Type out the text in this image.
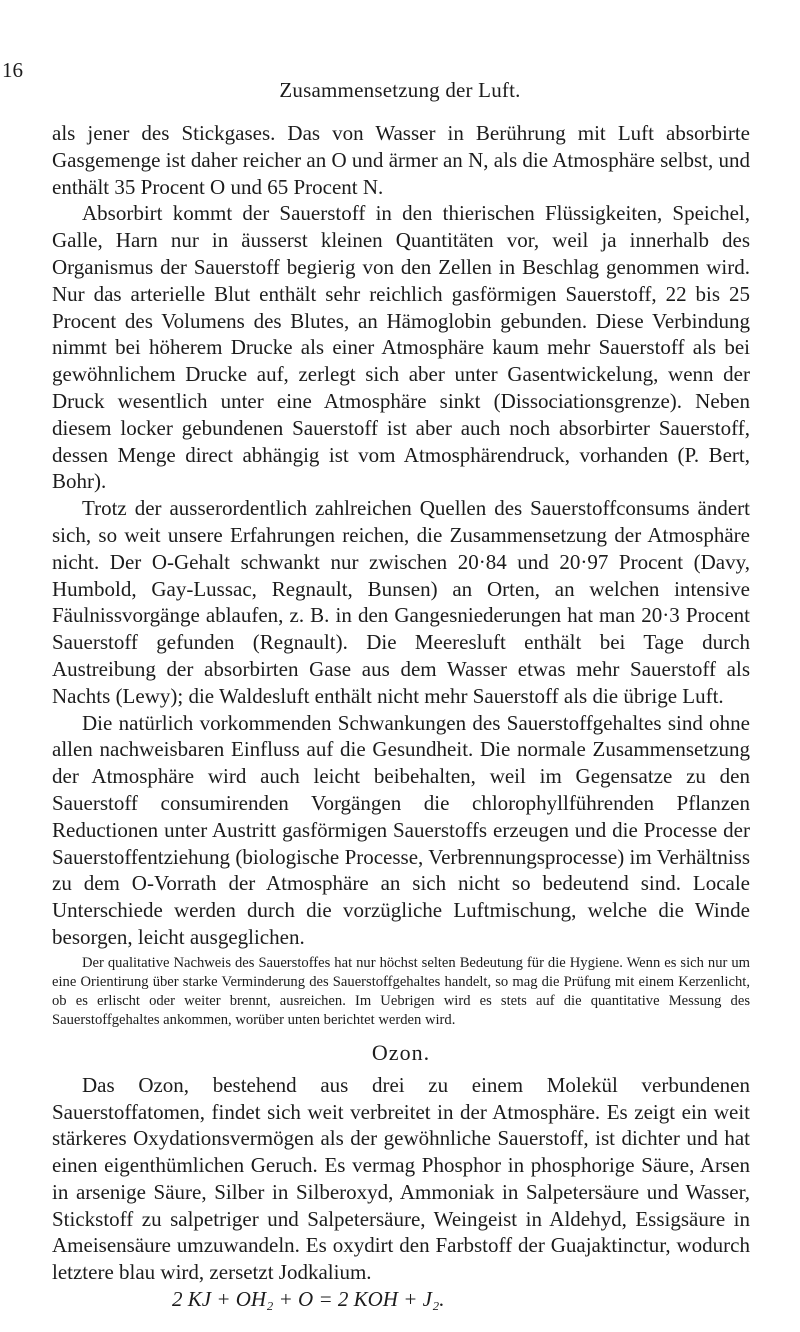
16
Zusammensetzung der Luft.

als jener des Stickgases. Das von Wasser in Berührung mit Luft absorbirte Gasgemenge ist daher reicher an O und ärmer an N, als die Atmosphäre selbst, und enthält 35 Procent O und 65 Procent N.

Absorbirt kommt der Sauerstoff in den thierischen Flüssigkeiten, Speichel, Galle, Harn nur in äusserst kleinen Quantitäten vor, weil ja innerhalb des Organismus der Sauerstoff begierig von den Zellen in Beschlag genommen wird. Nur das arterielle Blut enthält sehr reichlich gasförmigen Sauerstoff, 22 bis 25 Procent des Volumens des Blutes, an Hämoglobin gebunden. Diese Verbindung nimmt bei höherem Drucke als einer Atmosphäre kaum mehr Sauerstoff als bei gewöhnlichem Drucke auf, zerlegt sich aber unter Gasentwickelung, wenn der Druck wesentlich unter eine Atmosphäre sinkt (Dissociationsgrenze). Neben diesem locker gebundenen Sauerstoff ist aber auch noch absorbirter Sauerstoff, dessen Menge direct abhängig ist vom Atmosphärendruck, vorhanden (P. Bert, Bohr).

Trotz der ausserordentlich zahlreichen Quellen des Sauerstoffconsums ändert sich, so weit unsere Erfahrungen reichen, die Zusammensetzung der Atmosphäre nicht. Der O-Gehalt schwankt nur zwischen 20·84 und 20·97 Procent (Davy, Humbold, Gay-Lussac, Regnault, Bunsen) an Orten, an welchen intensive Fäulnissvorgänge ablaufen, z. B. in den Gangesniederungen hat man 20·3 Procent Sauerstoff gefunden (Regnault). Die Meeresluft enthält bei Tage durch Austreibung der absorbirten Gase aus dem Wasser etwas mehr Sauerstoff als Nachts (Lewy); die Waldesluft enthält nicht mehr Sauerstoff als die übrige Luft.

Die natürlich vorkommenden Schwankungen des Sauerstoffgehaltes sind ohne allen nachweisbaren Einfluss auf die Gesundheit. Die normale Zusammensetzung der Atmosphäre wird auch leicht beibehalten, weil im Gegensatze zu den Sauerstoff consumirenden Vorgängen die chlorophyllführenden Pflanzen Reductionen unter Austritt gasförmigen Sauerstoffs erzeugen und die Processe der Sauerstoffentziehung (biologische Processe, Verbrennungsprocesse) im Verhältniss zu dem O-Vorrath der Atmosphäre an sich nicht so bedeutend sind. Locale Unterschiede werden durch die vorzügliche Luftmischung, welche die Winde besorgen, leicht ausgeglichen.

Der qualitative Nachweis des Sauerstoffes hat nur höchst selten Bedeutung für die Hygiene. Wenn es sich nur um eine Orientirung über starke Verminderung des Sauerstoffgehaltes handelt, so mag die Prüfung mit einem Kerzenlicht, ob es erlischt oder weiter brennt, ausreichen. Im Uebrigen wird es stets auf die quantitative Messung des Sauerstoffgehaltes ankommen, worüber unten berichtet werden wird.
Ozon.

Das Ozon, bestehend aus drei zu einem Molekül verbundenen Sauerstoffatomen, findet sich weit verbreitet in der Atmosphäre. Es zeigt ein weit stärkeres Oxydationsvermögen als der gewöhnliche Sauerstoff, ist dichter und hat einen eigenthümlichen Geruch. Es vermag Phosphor in phosphorige Säure, Arsen in arsenige Säure, Silber in Silberoxyd, Ammoniak in Salpetersäure und Wasser, Stickstoff zu salpetriger und Salpetersäure, Weingeist in Aldehyd, Essigsäure in Ameisensäure umzuwandeln. Es oxydirt den Farbstoff der Guajaktinctur, wodurch letztere blau wird, zersetzt Jodkalium.

2 KJ + OH₂ + O = 2 KOH + J₂.
